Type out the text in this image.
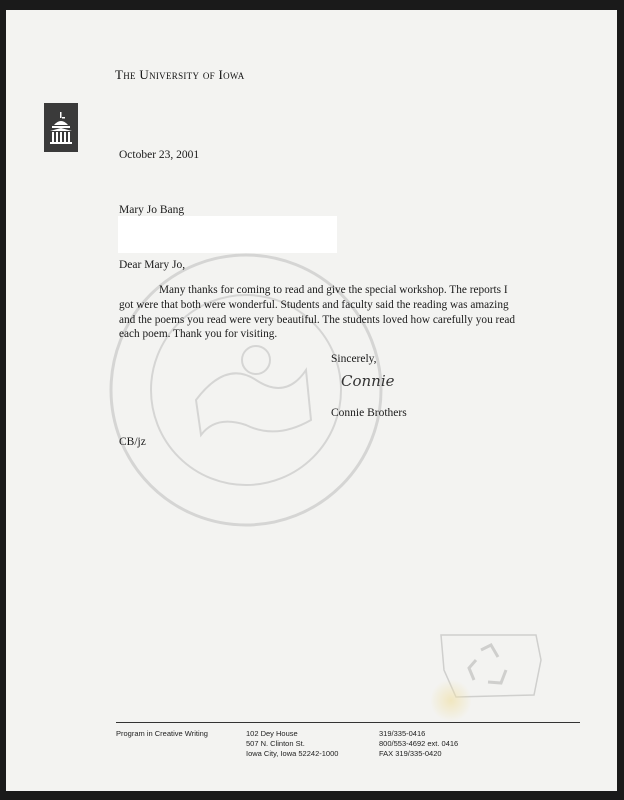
The University of Iowa
October 23, 2001
Mary Jo Bang
Dear Mary Jo,
Many thanks for coming to read and give the special workshop. The reports I got were that both were wonderful. Students and faculty said the reading was amazing and the poems you read were very beautiful. The students loved how carefully you read each poem. Thank you for visiting.
Sincerely,
Connie
Connie Brothers
CB/jz
Program in Creative Writing	102 Dey House
507 N. Clinton St.
Iowa City, Iowa 52242-1000
319/335-0416
800/553-4692 ext. 0416
FAX 319/335-0420
